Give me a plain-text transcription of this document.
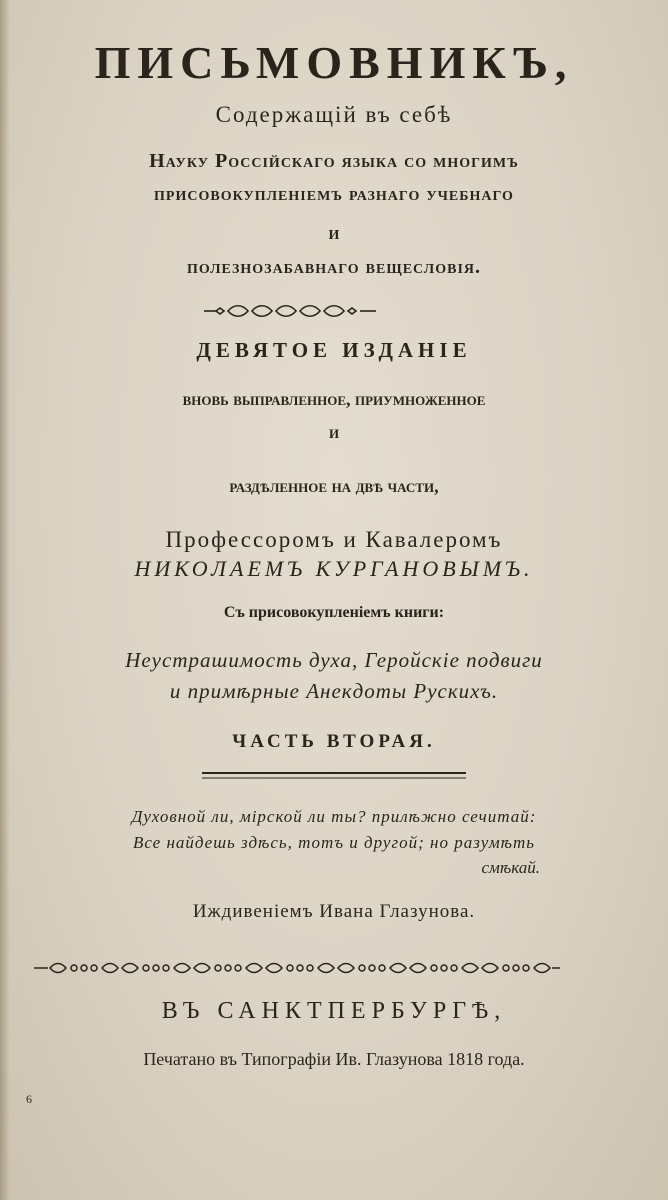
ПИСЬМОВНИКЪ,
Содержащій въ себѣ
Науку Россійскаго языка со многимъ
присовокупленіемъ разнаго учебнаго
и
полезнозабавнаго вещесловія.
ДЕВЯТОЕ ИЗДАНІЕ
вновь выправленное, приумноженное
и
раздѣленное на двѣ части,
Профессоромъ и Кавалеромъ
НИКОЛАЕМЪ КУРГАНОВЫМЪ.
Съ присовокупленіемъ книги:
Неустрашимость духа, Геройскіе подвиги
и примѣрные Анекдоты Рускихъ.
ЧАСТЬ ВТОРАЯ.
Духовной ли, мірской ли ты? прилѣжно сечитай:
Все найдешь здѣсь, тотъ и другой; но разумѣть
смѣкай.
Иждивеніемъ Ивана Глазунова.
ВЪ САНКТПЕРБУРГѢ,
Печатано въ Типографіи Ив. Глазунова 1818 года.
6
